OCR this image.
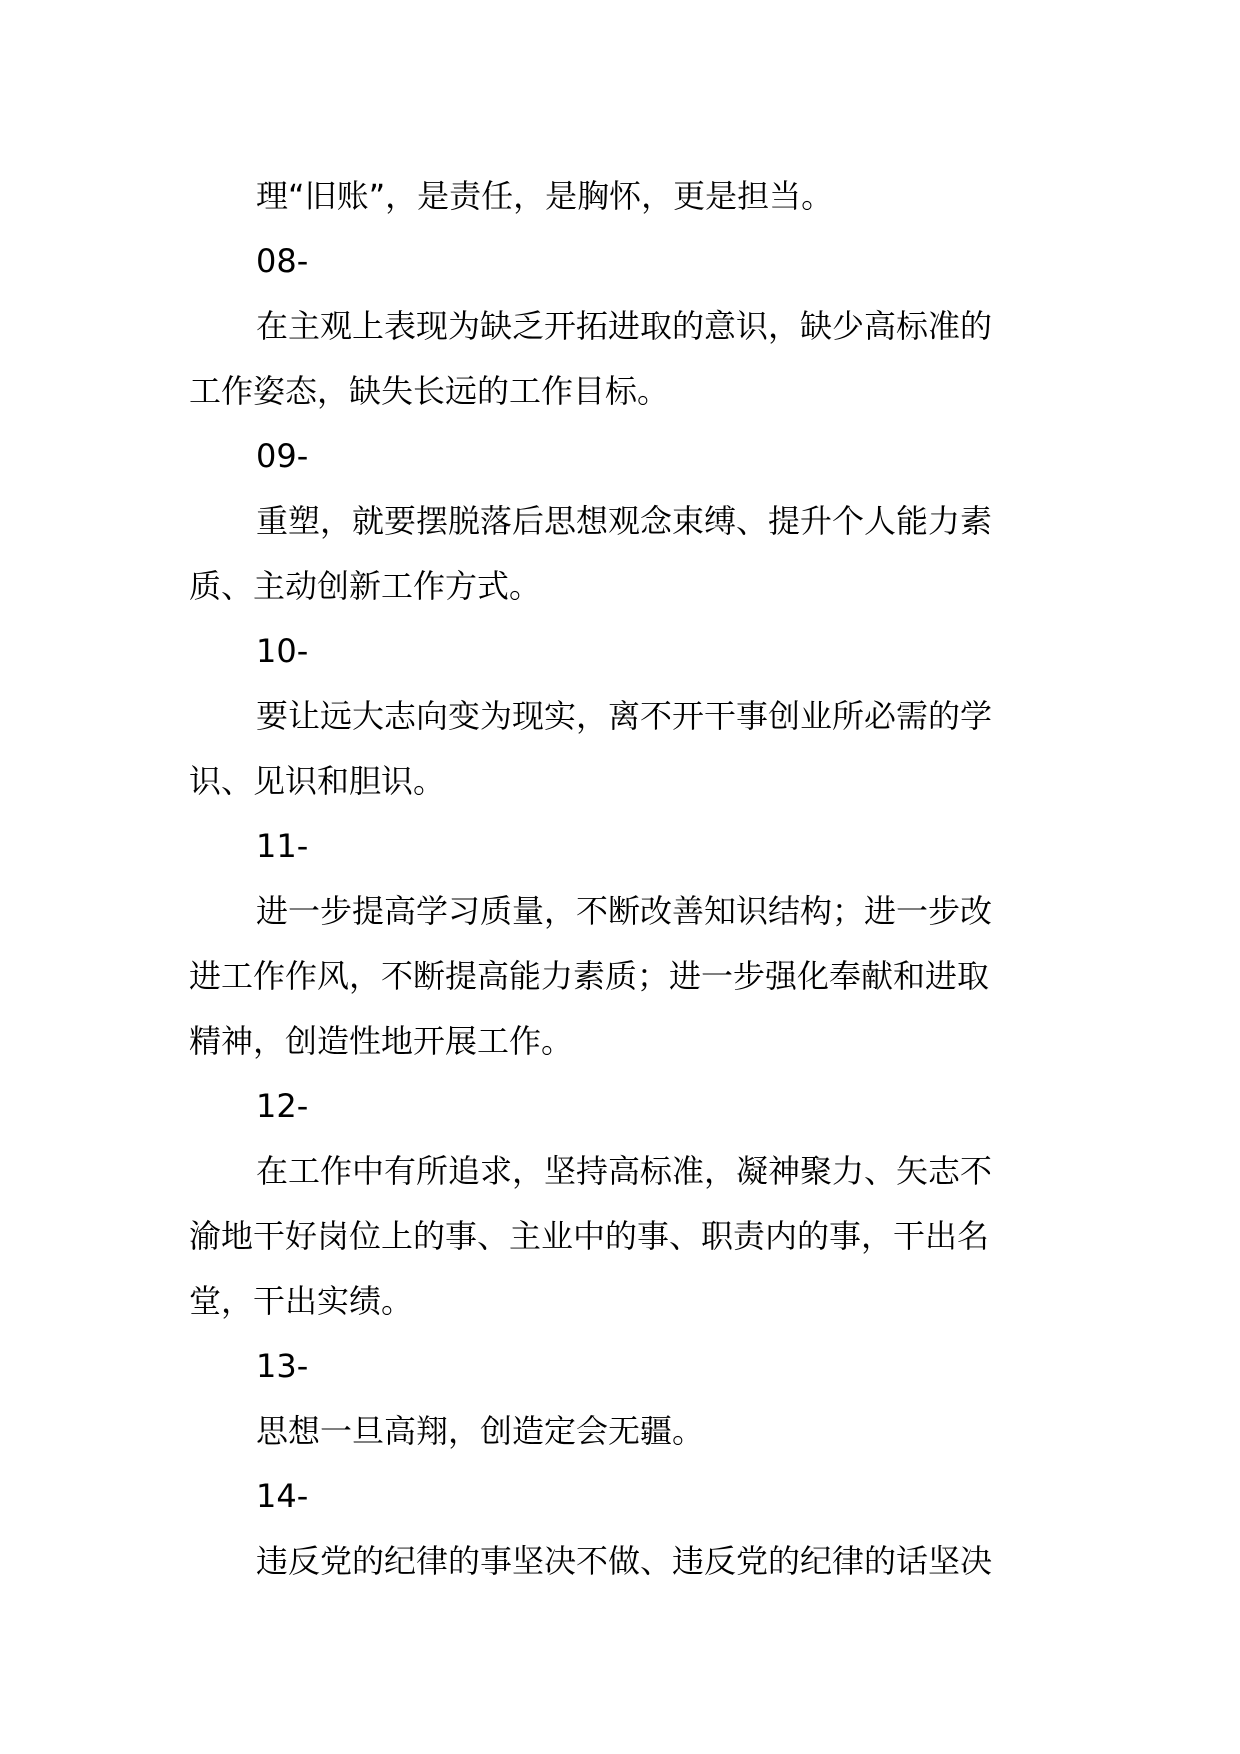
理“旧账”，是责任，是胸怀，更是担当。
08-
在主观上表现为缺乏开拓进取的意识，缺少高标准的
工作姿态，缺失长远的工作目标。
09-
重塑，就要摆脱落后思想观念束缚、提升个人能力素
质、主动创新工作方式。
10-
要让远大志向变为现实，离不开干事创业所必需的学
识、见识和胆识。
11-
进一步提高学习质量，不断改善知识结构；进一步改
进工作作风，不断提高能力素质；进一步强化奉献和进取
精神，创造性地开展工作。
12-
在工作中有所追求，坚持高标准，凝神聚力、矢志不
渝地干好岗位上的事、主业中的事、职责内的事，干出名
堂，干出实绩。
13-
思想一旦高翔，创造定会无疆。
14-
违反党的纪律的事坚决不做、违反党的纪律的话坚决
